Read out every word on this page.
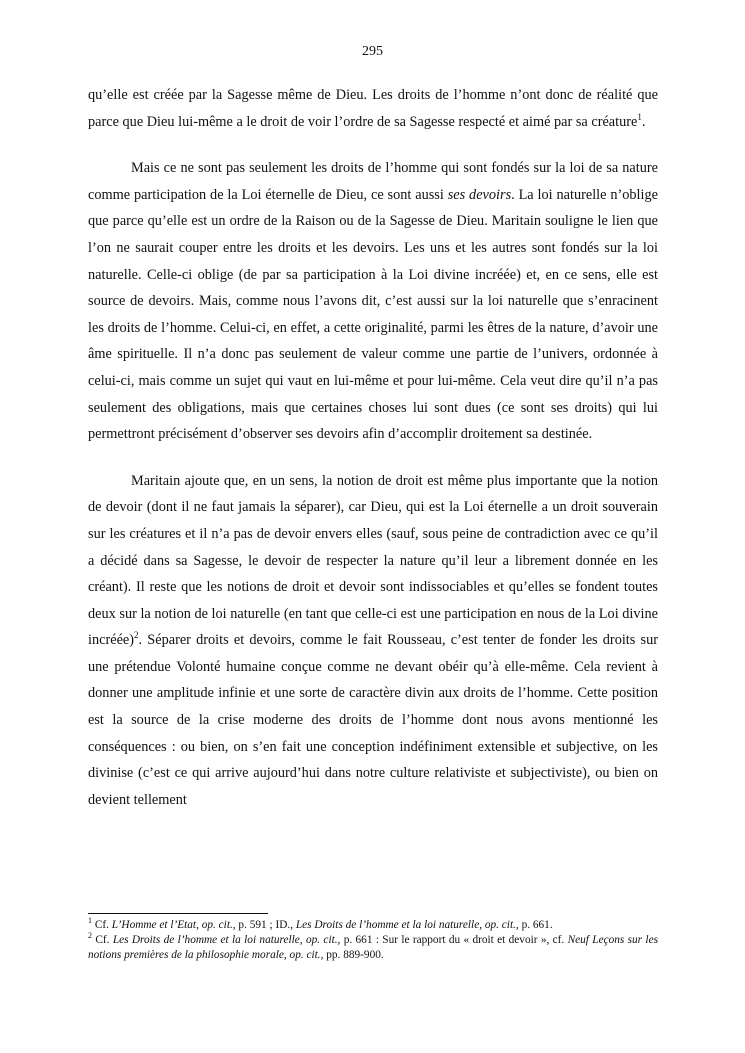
295

qu’elle est créée par la Sagesse même de Dieu. Les droits de l’homme n’ont donc de réalité que parce que Dieu lui-même a le droit de voir l’ordre de sa Sagesse respecté et aimé par sa créature$^1$.

Mais ce ne sont pas seulement les droits de l’homme qui sont fondés sur la loi de sa nature comme participation de la Loi éternelle de Dieu, ce sont aussi ses devoirs. La loi naturelle n’oblige que parce qu’elle est un ordre de la Raison ou de la Sagesse de Dieu. Maritain souligne le lien que l’on ne saurait couper entre les droits et les devoirs. Les uns et les autres sont fondés sur la loi naturelle. Celle-ci oblige (de par sa participation à la Loi divine incréée) et, en ce sens, elle est source de devoirs. Mais, comme nous l’avons dit, c’est aussi sur la loi naturelle que s’enracinent les droits de l’homme. Celui-ci, en effet, a cette originalité, parmi les êtres de la nature, d’avoir une âme spirituelle. Il n’a donc pas seulement de valeur comme une partie de l’univers, ordonnée à celui-ci, mais comme un sujet qui vaut en lui-même et pour lui-même. Cela veut dire qu’il n’a pas seulement des obligations, mais que certaines choses lui sont dues (ce sont ses droits) qui lui permettront précisément d’observer ses devoirs afin d’accomplir droitement sa destinée.

Maritain ajoute que, en un sens, la notion de droit est même plus importante que la notion de devoir (dont il ne faut jamais la séparer), car Dieu, qui est la Loi éternelle a un droit souverain sur les créatures et il n’a pas de devoir envers elles (sauf, sous peine de contradiction avec ce qu’il a décidé dans sa Sagesse, le devoir de respecter la nature qu’il leur a librement donnée en les créant). Il reste que les notions de droit et devoir sont indissociables et qu’elles se fondent toutes deux sur la notion de loi naturelle (en tant que celle-ci est une participation en nous de la Loi divine incréée)$^2$. Séparer droits et devoirs, comme le fait Rousseau, c’est tenter de fonder les droits sur une prétendue Volonté humaine conçue comme ne devant obéir qu’à elle-même. Cela revient à donner une amplitude infinie et une sorte de caractère divin aux droits de l’homme. Cette position est la source de la crise moderne des droits de l’homme dont nous avons mentionné les conséquences : ou bien, on s’en fait une conception indéfiniment extensible et subjective, on les divinise (c’est ce qui arrive aujourd’hui dans notre culture relativiste et subjectiviste), ou bien on devient tellement

$^1$ Cf. L’Homme et l’Etat, op. cit., p. 591 ; ID., Les Droits de l’homme et la loi naturelle, op. cit., p. 661.

$^2$ Cf. Les Droits de l’homme et la loi naturelle, op. cit., p. 661 : Sur le rapport du « droit et devoir », cf. Neuf Leçons sur les notions premières de la philosophie morale, op. cit., pp. 889-900.
